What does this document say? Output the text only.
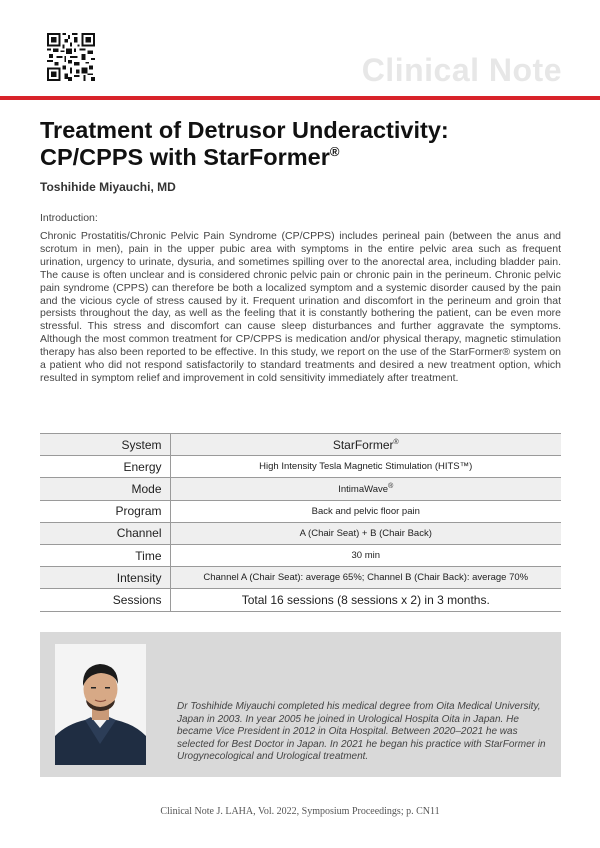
Clinical Note
Treatment of Detrusor Underactivity:
CP/CPPS with StarFormer®
Toshihide Miyauchi, MD
Introduction:

Chronic Prostatitis/Chronic Pelvic Pain Syndrome (CP/CPPS) includes perineal pain (between the anus and scrotum in men), pain in the upper pubic area with symptoms in the entire pelvic area such as frequent urination, urgency to urinate, dysuria, and sometimes spilling over to the anorectal area, including bladder pain. The cause is often unclear and is considered chronic pelvic pain or chronic pain in the perineum. Chronic pelvic pain syndrome (CPPS) can therefore be both a localized symptom and a systemic disorder caused by the pain and the vicious cycle of stress caused by it. Frequent urination and discomfort in the perineum and groin that persists throughout the day, as well as the feeling that it is constantly bothering the patient, can be even more stressful. This stress and discomfort can cause sleep disturbances and further aggravate the symptoms. Although the most common treatment for CP/CPPS is medication and/or physical therapy, magnetic stimulation therapy has also been reported to be effective. In this study, we report on the use of the StarFormer® system on a patient who did not respond satisfactorily to standard treatments and desired a new treatment option, which resulted in symptom relief and improvement in cold sensitivity immediately after treatment.

System	StarFormer®
Energy	High Intensity Tesla Magnetic Stimulation (HITS™)
Mode	IntimaWave®
Program	Back and pelvic floor pain
Channel	A (Chair Seat) + B (Chair Back)
Time	30 min
Intensity	Channel A (Chair Seat): average 65%; Channel B (Chair Back): average 70%
Sessions	Total 16 sessions (8 sessions x 2) in 3 months.

Dr Toshihide Miyauchi completed his medical degree from Oita Medical University, Japan in 2003. In year 2005 he joined in Urological Hospita Oita in Japan. He became Vice President in 2012 in Oita Hospital. Between 2020–2021 he was selected for Best Doctor in Japan. In 2021 he began his practice with StarFormer in Urogynecological and Urological treatment.

Clinical Note J. LAHA, Vol. 2022, Symposium Proceedings; p. CN11
